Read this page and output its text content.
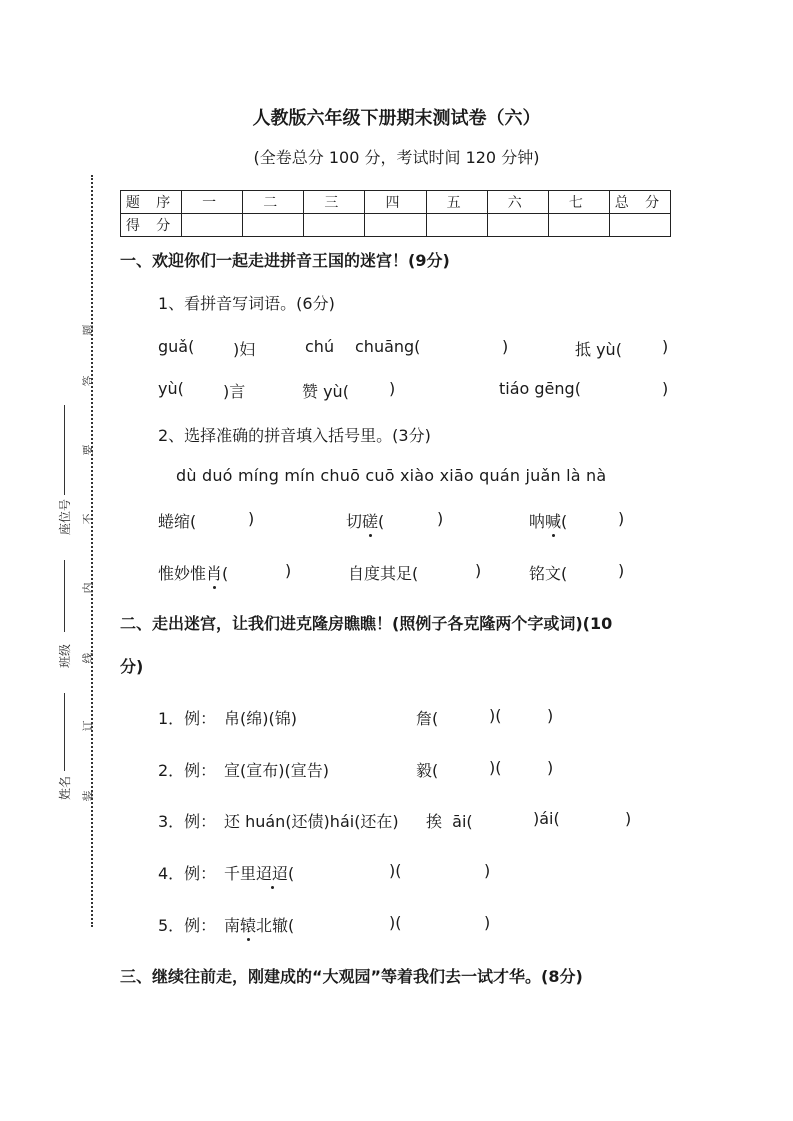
人教版六年级下册期末测试卷（六）
(全卷总分 100 分，考试时间 120 分钟)
题
答
要
不
内
线
订
装
座位号
班级
姓名
题 序	一	二	三	四	五	六	七	总 分
得 分								
一、欢迎你们一起走进拼音王国的迷宫！(9分)
1、看拼音写词语。(6分)
guǎ( )妇	chú chuāng(	)	抵 yù(	)
yù( )言	赞 yù(	)	tiáo gēng(	)
2、选择准确的拼音填入括号里。(3分)
dù duó míng mín chuō cuō xiào xiāo quán juǎn là nà
蜷缩(	)	切磋(	)	呐喊(	)
惟妙惟肖(	)	自度其足(	)	铭文(	)
二、走出迷宫，让我们进克隆房瞧瞧！(照例子各克隆两个字或词)(10
分)
1．例： 帛(绵)(锦)	詹(	)(	)
2．例： 宣(宣布)(宣告)	毅(	)(	)
3．例： 还 huán(还债)hái(还在) 挨  āi(	)ái(	)
4．例： 千里迢迢(	)(	)
5．例： 南辕北辙(	)(	)
三、继续往前走，刚建成的“大观园”等着我们去一试才华。(8分)
